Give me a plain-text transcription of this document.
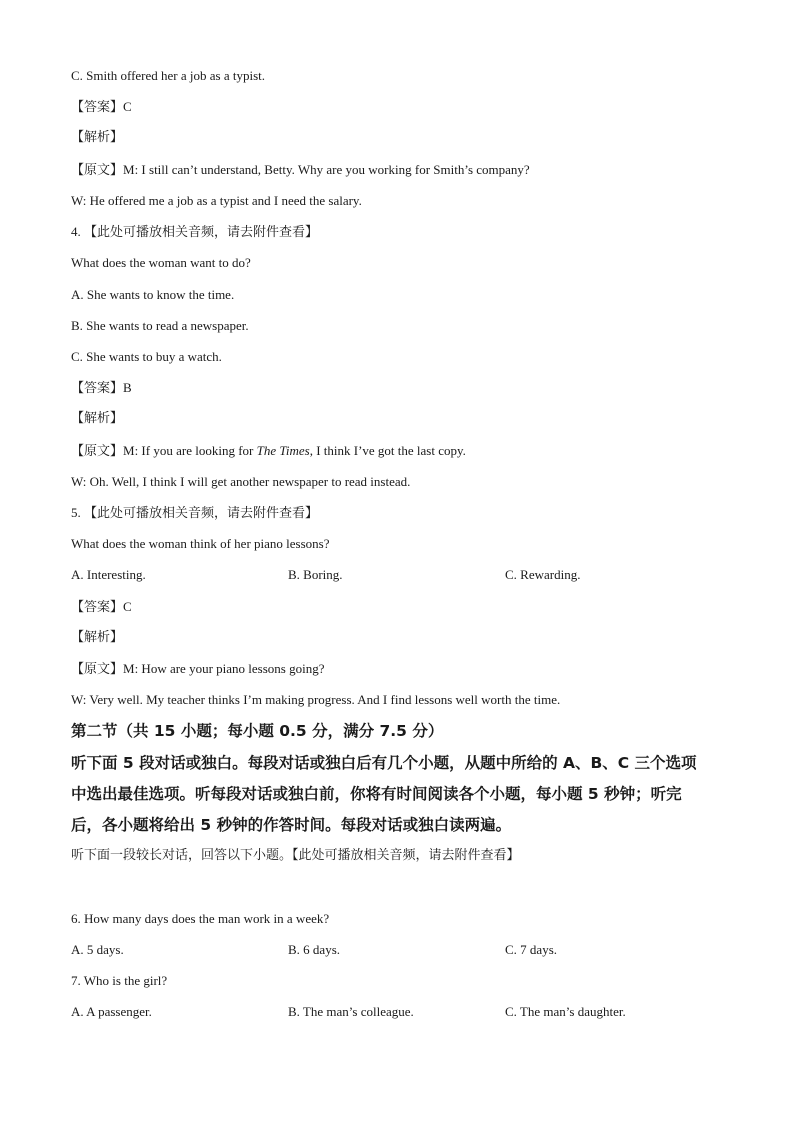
C. Smith offered her a job as a typist.
【答案】C
【解析】
【原文】M: I still can’t understand, Betty. Why are you working for Smith’s company?
W: He offered me a job as a typist and I need the salary.
4. 【此处可播放相关音频，请去附件查看】
What does the woman want to do?
A. She wants to know the time.
B. She wants to read a newspaper.
C. She wants to buy a watch.
【答案】B
【解析】
【原文】M: If you are looking for The Times, I think I’ve got the last copy.
W: Oh. Well, I think I will get another newspaper to read instead.
5. 【此处可播放相关音频，请去附件查看】
What does the woman think of her piano lessons?
A. Interesting.	B. Boring.	C. Rewarding.
【答案】C
【解析】
【原文】M: How are your piano lessons going?
W: Very well. My teacher thinks I’m making progress. And I find lessons well worth the time.
第二节（共 15 小题；每小题 0.5 分，满分 7.5 分）
听下面 5 段对话或独白。每段对话或独白后有几个小题，从题中所给的 A、B、C 三个选项
中选出最佳选项。听每段对话或独白前，你将有时间阅读各个小题，每小题 5 秒钟；听完
后，各小题将给出 5 秒钟的作答时间。每段对话或独白读两遍。
听下面一段较长对话，回答以下小题。【此处可播放相关音频，请去附件查看】
6. How many days does the man work in a week?
A. 5 days.	B. 6 days.	C. 7 days.
7. Who is the girl?
A. A passenger.	B. The man’s colleague.	C. The man’s daughter.
